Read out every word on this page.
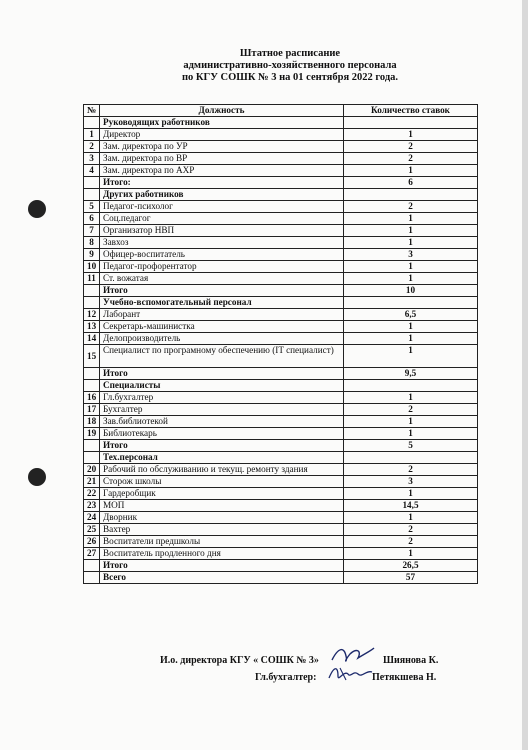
Штатное расписание
административно-хозяйственного персонала
по КГУ СОШК № 3 на 01 сентября 2022 года.
№	Должность	Количество ставок
	Руководящих работников	
1	Директор	1
2	Зам. директора по УР	2
3	Зам. директора по ВР	2
4	Зам. директора по АХР	1
	Итого:	6
	Других работников	
5	Педагог-психолог	2
6	Соц.педагог	1
7	Организатор НВП	1
8	Завхоз	1
9	Офицер-воспитатель	3
10	Педагог-профорентатор	1
11	Ст. вожатая	1
	Итого	10
	Учебно-вспомогательный персонал	
12	Лаборант	6,5
13	Секретарь-машинистка	1
14	Делопроизводитель	1
15	Специалист по програмному обеспечению (IT специалист)	1
	Итого	9,5
	Специалисты	
16	Гл.бухгалтер	1
17	Бухгалтер	2
18	Зав.библиотекой	1
19	Библиотекарь	1
	Итого	5
	Тех.персонал	
20	Рабочий по обслуживанию и текущ. ремонту здания	2
21	Сторож школы	3
22	Гардеробщик	1
23	МОП	14,5
24	Дворник	1
25	Вахтер	2
26	Воспитатели предшколы	2
27	Воспитатель продленного дня	1
	Итого	26,5
	Всего	57
И.о. директора КГУ « СОШК № 3»	Шиянова К.
Гл.бухгалтер:	Петякшева Н.
